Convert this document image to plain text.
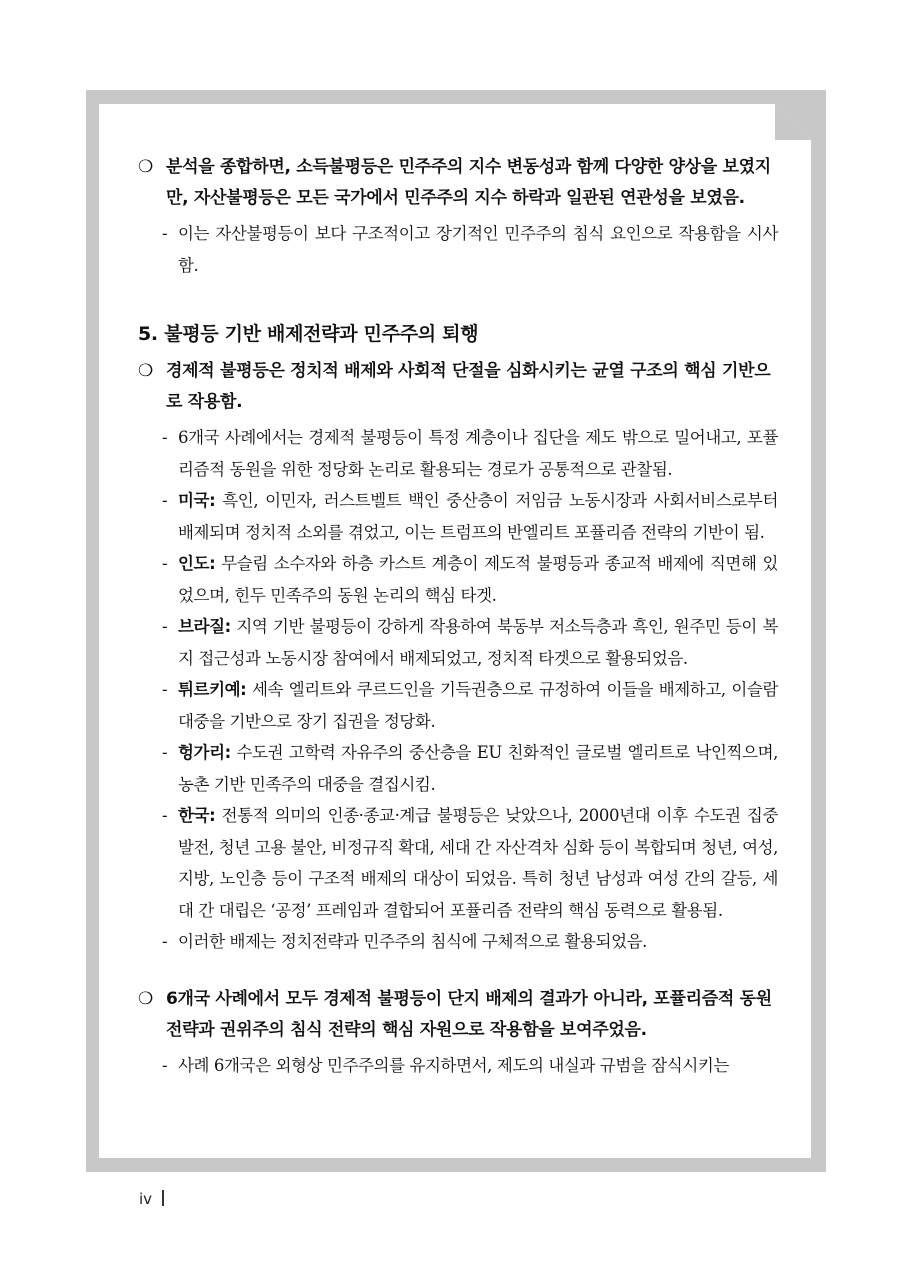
❍ 분석을 종합하면, 소득불평등은 민주주의 지수 변동성과 함께 다양한 양상을 보였지만, 자산불평등은 모든 국가에서 민주주의 지수 하락과 일관된 연관성을 보였음.
- 이는 자산불평등이 보다 구조적이고 장기적인 민주주의 침식 요인으로 작용함을 시사함.
5. 불평등 기반 배제전략과 민주주의 퇴행
❍ 경제적 불평등은 정치적 배제와 사회적 단절을 심화시키는 균열 구조의 핵심 기반으로 작용함.
- 6개국 사례에서는 경제적 불평등이 특정 계층이나 집단을 제도 밖으로 밀어내고, 포퓰리즘적 동원을 위한 정당화 논리로 활용되는 경로가 공통적으로 관찰됨.
- 미국: 흑인, 이민자, 러스트벨트 백인 중산층이 저임금 노동시장과 사회서비스로부터 배제되며 정치적 소외를 겪었고, 이는 트럼프의 반엘리트 포퓰리즘 전략의 기반이 됨.
- 인도: 무슬림 소수자와 하층 카스트 계층이 제도적 불평등과 종교적 배제에 직면해 있었으며, 힌두 민족주의 동원 논리의 핵심 타겟.
- 브라질: 지역 기반 불평등이 강하게 작용하여 북동부 저소득층과 흑인, 원주민 등이 복지 접근성과 노동시장 참여에서 배제되었고, 정치적 타겟으로 활용되었음.
- 튀르키예: 세속 엘리트와 쿠르드인을 기득권층으로 규정하여 이들을 배제하고, 이슬람 대중을 기반으로 장기 집권을 정당화.
- 헝가리: 수도권 고학력 자유주의 중산층을 EU 친화적인 글로벌 엘리트로 낙인찍으며, 농촌 기반 민족주의 대중을 결집시킴.
- 한국: 전통적 의미의 인종·종교·계급 불평등은 낮았으나, 2000년대 이후 수도권 집중 발전, 청년 고용 불안, 비정규직 확대, 세대 간 자산격차 심화 등이 복합되며 청년, 여성, 지방, 노인층 등이 구조적 배제의 대상이 되었음. 특히 청년 남성과 여성 간의 갈등, 세대 간 대립은 ‘공정’ 프레임과 결합되어 포퓰리즘 전략의 핵심 동력으로 활용됨.
- 이러한 배제는 정치전략과 민주주의 침식에 구체적으로 활용되었음.
❍ 6개국 사례에서 모두 경제적 불평등이 단지 배제의 결과가 아니라, 포퓰리즘적 동원 전략과 권위주의 침식 전략의 핵심 자원으로 작용함을 보여주었음.
- 사례 6개국은 외형상 민주주의를 유지하면서, 제도의 내실과 규범을 잠식시키는
iv
